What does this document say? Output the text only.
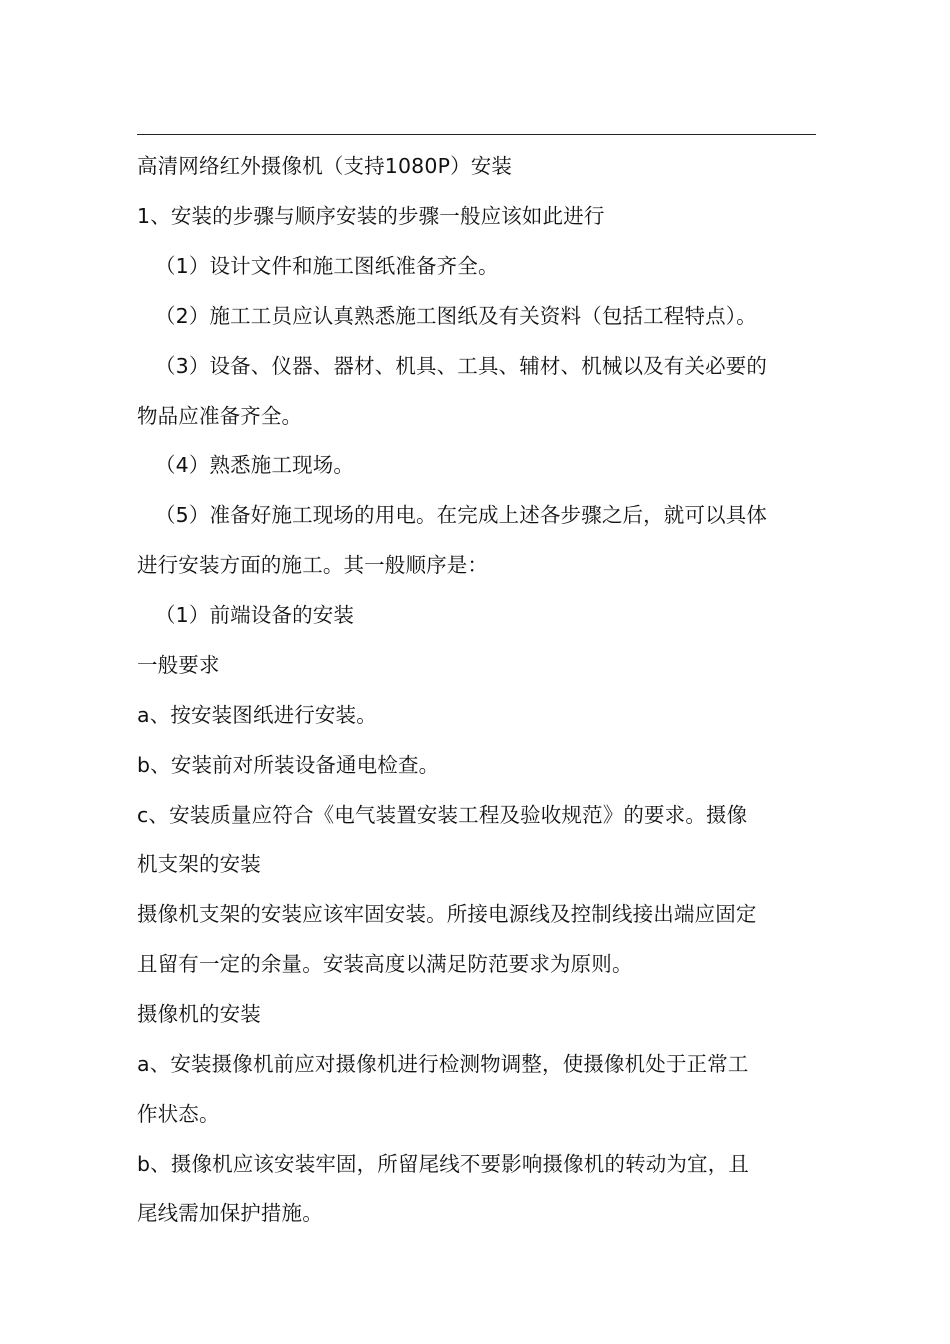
高清网络红外摄像机（支持1080P）安装
1、安装的步骤与顺序安装的步骤一般应该如此进行
（1）设计文件和施工图纸准备齐全。
（2）施工工员应认真熟悉施工图纸及有关资料（包括工程特点）。
（3）设备、仪器、器材、机具、工具、辅材、机械以及有关必要的
物品应准备齐全。
（4）熟悉施工现场。
（5）准备好施工现场的用电。在完成上述各步骤之后，就可以具体
进行安装方面的施工。其一般顺序是：
（1）前端设备的安装
一般要求
a、按安装图纸进行安装。
b、安装前对所装设备通电检查。
c、安装质量应符合《电气装置安装工程及验收规范》的要求。摄像
机支架的安装
摄像机支架的安装应该牢固安装。所接电源线及控制线接出端应固定
且留有一定的余量。安装高度以满足防范要求为原则。
摄像机的安装
a、安装摄像机前应对摄像机进行检测物调整，使摄像机处于正常工
作状态。
b、摄像机应该安装牢固，所留尾线不要影响摄像机的转动为宜，且
尾线需加保护措施。
